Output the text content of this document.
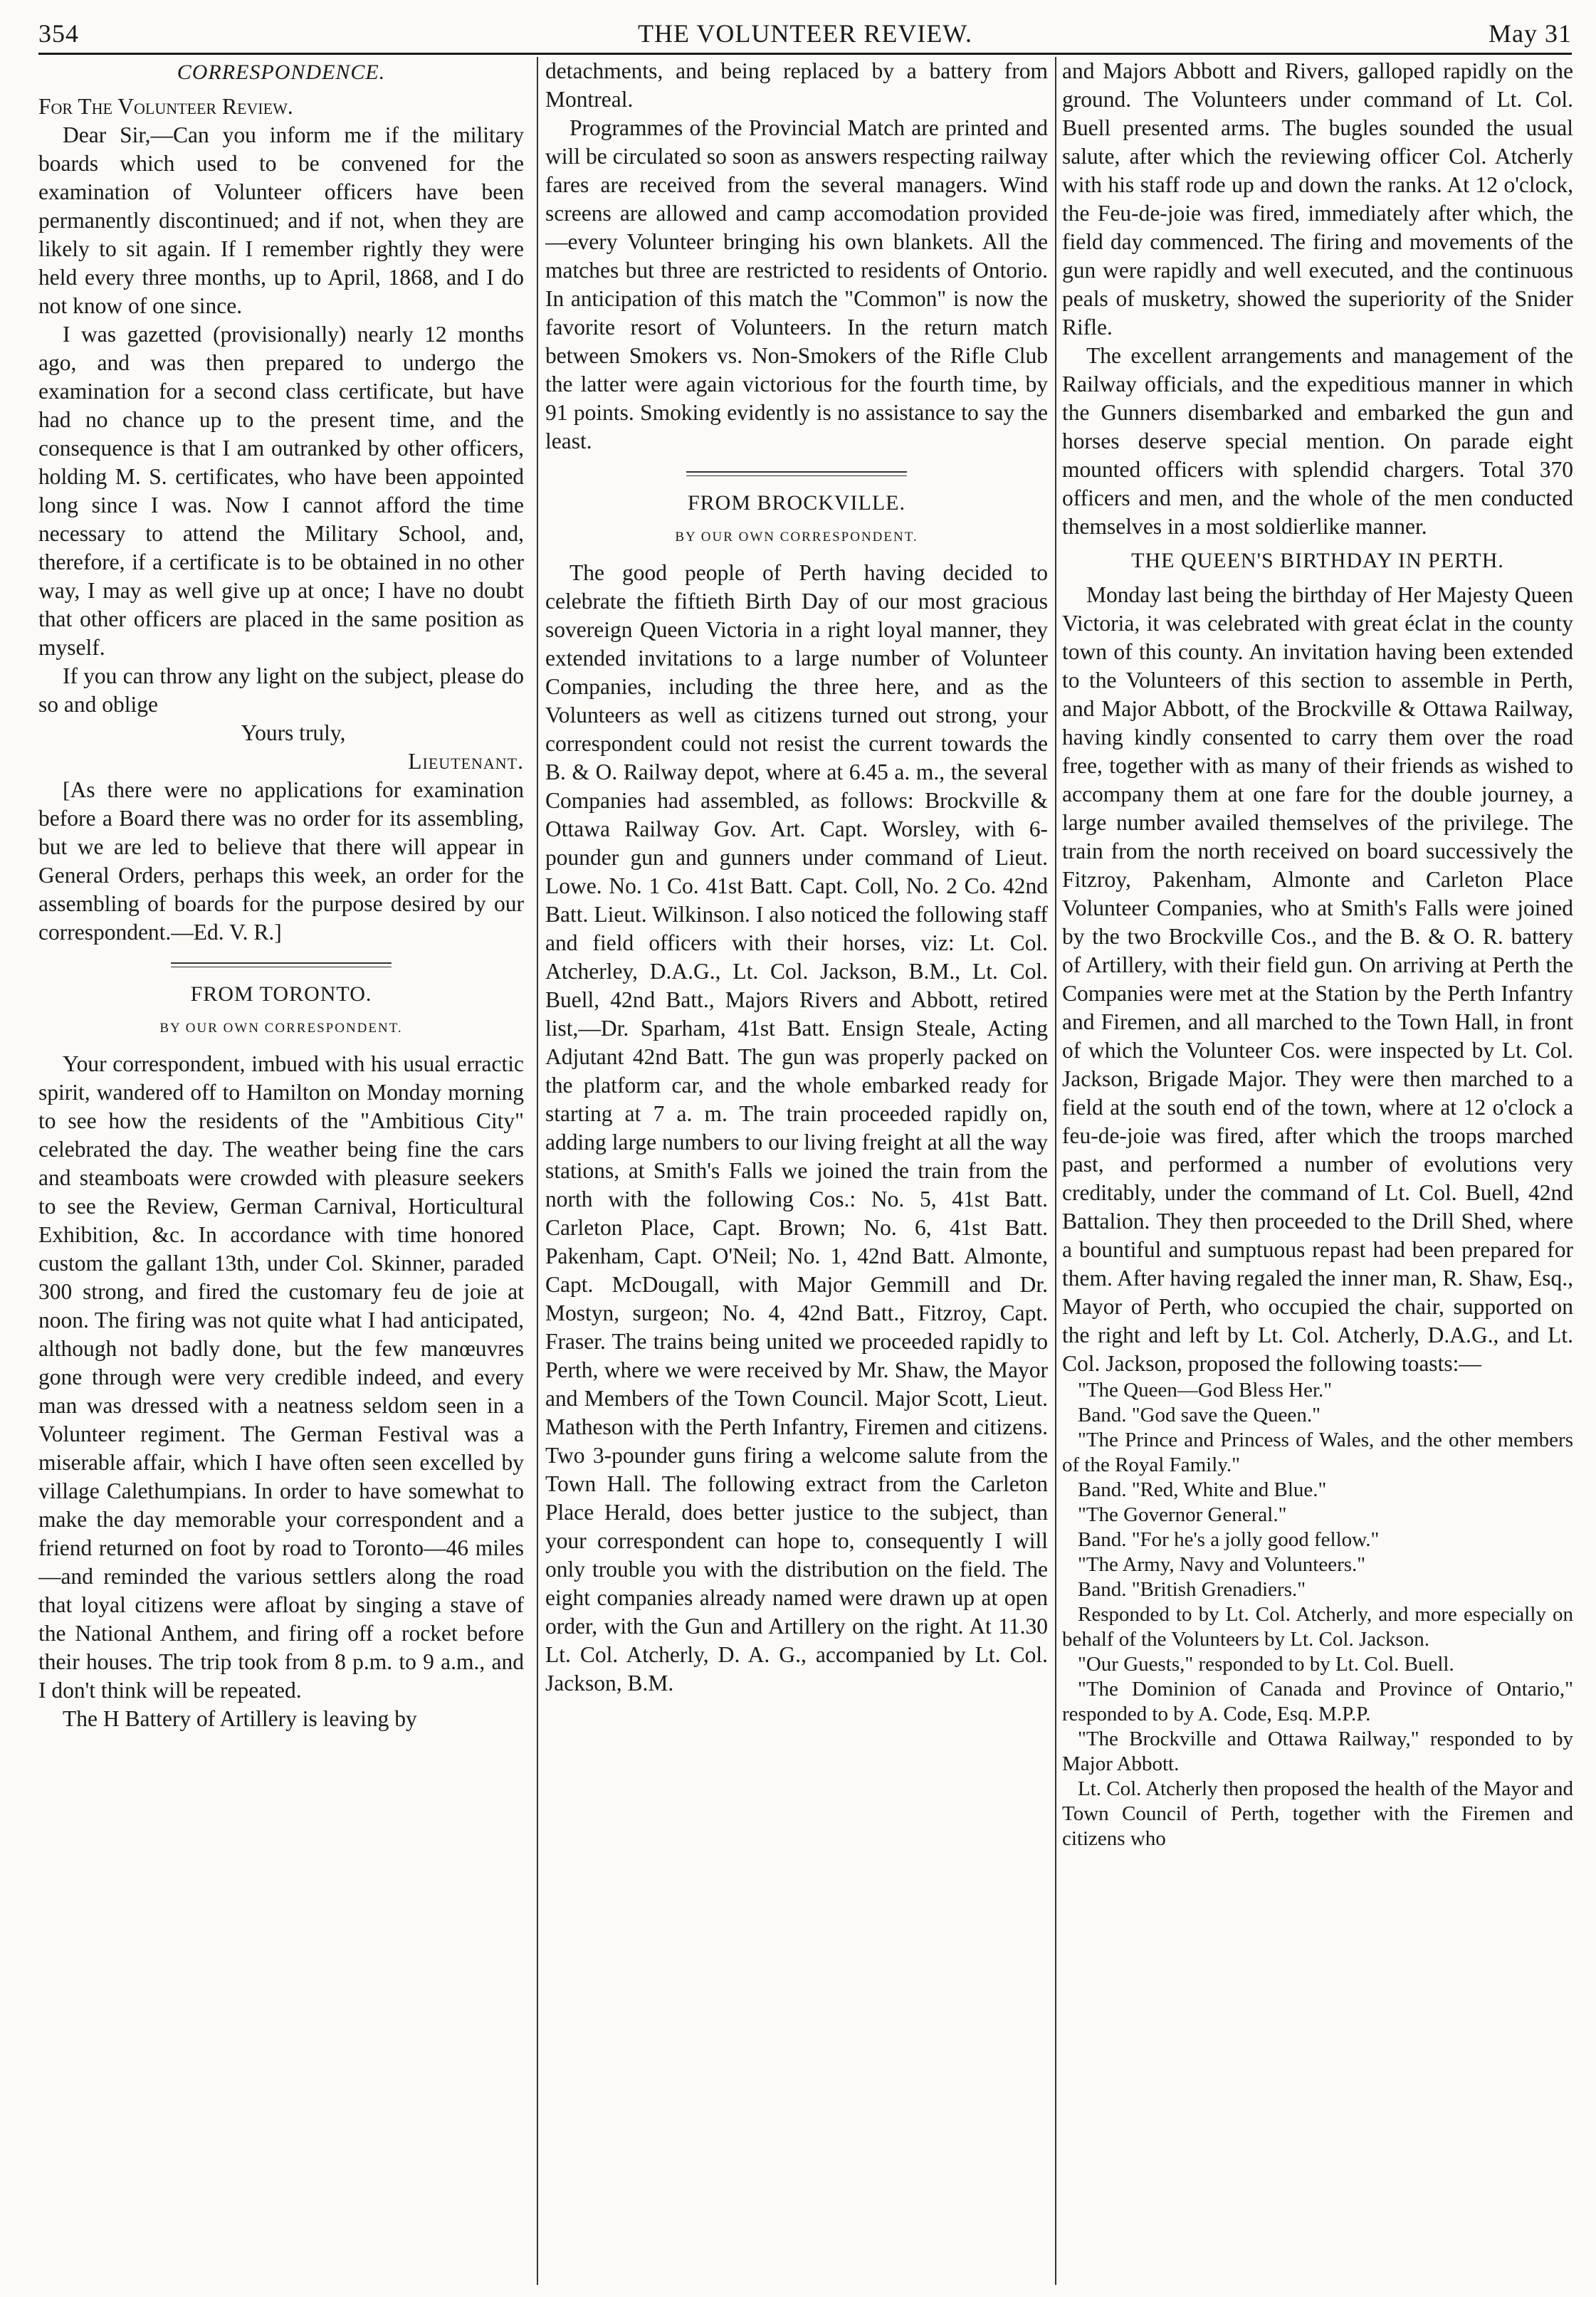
354	THE VOLUNTEER REVIEW.	May 31
CORRESPONDENCE.

For The Volunteer Review.

Dear Sir,—Can you inform me if the military boards which used to be convened for the examination of Volunteer officers have been permanently discontinued; and if not, when they are likely to sit again. If I remember rightly they were held every three months, up to April, 1868, and I do not know of one since.

I was gazetted (provisionally) nearly 12 months ago, and was then prepared to undergo the examination for a second class certificate, but have had no chance up to the present time, and the consequence is that I am outranked by other officers, holding M. S. certificates, who have been appointed long since I was. Now I cannot afford the time necessary to attend the Military School, and, therefore, if a certificate is to be obtained in no other way, I may as well give up at once; I have no doubt that other officers are placed in the same position as myself.

If you can throw any light on the subject, please do so and oblige

Yours truly,

Lieutenant.

[As there were no applications for examination before a Board there was no order for its assembling, but we are led to believe that there will appear in General Orders, perhaps this week, an order for the assembling of boards for the purpose desired by our correspondent.—Ed. V. R.]

FROM TORONTO.
BY OUR OWN CORRESPONDENT.

Your correspondent, imbued with his usual erractic spirit, wandered off to Hamilton on Monday morning to see how the residents of the "Ambitious City" celebrated the day. The weather being fine the cars and steamboats were crowded with pleasure seekers to see the Review, German Carnival, Horticultural Exhibition, &c. In accordance with time honored custom the gallant 13th, under Col. Skinner, paraded 300 strong, and fired the customary feu de joie at noon. The firing was not quite what I had anticipated, although not badly done, but the few manœuvres gone through were very credible indeed, and every man was dressed with a neatness seldom seen in a Volunteer regiment. The German Festival was a miserable affair, which I have often seen excelled by village Calethumpians. In order to have somewhat to make the day memorable your correspondent and a friend returned on foot by road to Toronto—46 miles—and reminded the various settlers along the road that loyal citizens were afloat by singing a stave of the National Anthem, and firing off a rocket before their houses. The trip took from 8 p.m. to 9 a.m., and I don't think will be repeated.

The H Battery of Artillery is leaving by

detachments, and being replaced by a battery from Montreal.

Programmes of the Provincial Match are printed and will be circulated so soon as answers respecting railway fares are received from the several managers. Wind screens are allowed and camp accomodation provided—every Volunteer bringing his own blankets. All the matches but three are restricted to residents of Ontorio. In anticipation of this match the "Common" is now the favorite resort of Volunteers. In the return match between Smokers vs. Non-Smokers of the Rifle Club the latter were again victorious for the fourth time, by 91 points. Smoking evidently is no assistance to say the least.

FROM BROCKVILLE.
BY OUR OWN CORRESPONDENT.

The good people of Perth having decided to celebrate the fiftieth Birth Day of our most gracious sovereign Queen Victoria in a right loyal manner, they extended invitations to a large number of Volunteer Companies, including the three here, and as the Volunteers as well as citizens turned out strong, your correspondent could not resist the current towards the B. & O. Railway depot, where at 6.45 a. m., the several Companies had assembled, as follows: Brockville & Ottawa Railway Gov. Art. Capt. Worsley, with 6-pounder gun and gunners under command of Lieut. Lowe. No. 1 Co. 41st Batt. Capt. Coll, No. 2 Co. 42nd Batt. Lieut. Wilkinson. I also noticed the following staff and field officers with their horses, viz: Lt. Col. Atcherley, D.A.G., Lt. Col. Jackson, B.M., Lt. Col. Buell, 42nd Batt., Majors Rivers and Abbott, retired list,—Dr. Sparham, 41st Batt. Ensign Steale, Acting Adjutant 42nd Batt. The gun was properly packed on the platform car, and the whole embarked ready for starting at 7 a. m. The train proceeded rapidly on, adding large numbers to our living freight at all the way stations, at Smith's Falls we joined the train from the north with the following Cos.: No. 5, 41st Batt. Carleton Place, Capt. Brown; No. 6, 41st Batt. Pakenham, Capt. O'Neil; No. 1, 42nd Batt. Almonte, Capt. McDougall, with Major Gemmill and Dr. Mostyn, surgeon; No. 4, 42nd Batt., Fitzroy, Capt. Fraser. The trains being united we proceeded rapidly to Perth, where we were received by Mr. Shaw, the Mayor and Members of the Town Council. Major Scott, Lieut. Matheson with the Perth Infantry, Firemen and citizens. Two 3-pounder guns firing a welcome salute from the Town Hall. The following extract from the Carleton Place Herald, does better justice to the subject, than your correspondent can hope to, consequently I will only trouble you with the distribution on the field. The eight companies already named were drawn up at open order, with the Gun and Artillery on the right. At 11.30 Lt. Col. Atcherly, D. A. G., accompanied by Lt. Col. Jackson, B.M.

and Majors Abbott and Rivers, galloped rapidly on the ground. The Volunteers under command of Lt. Col. Buell presented arms. The bugles sounded the usual salute, after which the reviewing officer Col. Atcherly with his staff rode up and down the ranks. At 12 o'clock, the Feu-de-joie was fired, immediately after which, the field day commenced. The firing and movements of the gun were rapidly and well executed, and the continuous peals of musketry, showed the superiority of the Snider Rifle.

The excellent arrangements and management of the Railway officials, and the expeditious manner in which the Gunners disembarked and embarked the gun and horses deserve special mention. On parade eight mounted officers with splendid chargers. Total 370 officers and men, and the whole of the men conducted themselves in a most soldierlike manner.

THE QUEEN'S BIRTHDAY IN PERTH.

Monday last being the birthday of Her Majesty Queen Victoria, it was celebrated with great éclat in the county town of this county. An invitation having been extended to the Volunteers of this section to assemble in Perth, and Major Abbott, of the Brockville & Ottawa Railway, having kindly consented to carry them over the road free, together with as many of their friends as wished to accompany them at one fare for the double journey, a large number availed themselves of the privilege. The train from the north received on board successively the Fitzroy, Pakenham, Almonte and Carleton Place Volunteer Companies, who at Smith's Falls were joined by the two Brockville Cos., and the B. & O. R. battery of Artillery, with their field gun. On arriving at Perth the Companies were met at the Station by the Perth Infantry and Firemen, and all marched to the Town Hall, in front of which the Volunteer Cos. were inspected by Lt. Col. Jackson, Brigade Major. They were then marched to a field at the south end of the town, where at 12 o'clock a feu-de-joie was fired, after which the troops marched past, and performed a number of evolutions very creditably, under the command of Lt. Col. Buell, 42nd Battalion. They then proceeded to the Drill Shed, where a bountiful and sumptuous repast had been prepared for them. After having regaled the inner man, R. Shaw, Esq., Mayor of Perth, who occupied the chair, supported on the right and left by Lt. Col. Atcherly, D.A.G., and Lt. Col. Jackson, proposed the following toasts:—

"The Queen—God Bless Her."

Band. "God save the Queen."

"The Prince and Princess of Wales, and the other members of the Royal Family."

Band. "Red, White and Blue."

"The Governor General."

Band. "For he's a jolly good fellow."

"The Army, Navy and Volunteers."

Band. "British Grenadiers."

Responded to by Lt. Col. Atcherly, and more especially on behalf of the Volunteers by Lt. Col. Jackson.

"Our Guests," responded to by Lt. Col. Buell.

"The Dominion of Canada and Province of Ontario," responded to by A. Code, Esq. M.P.P.

"The Brockville and Ottawa Railway," responded to by Major Abbott.

Lt. Col. Atcherly then proposed the health of the Mayor and Town Council of Perth, together with the Firemen and citizens who
